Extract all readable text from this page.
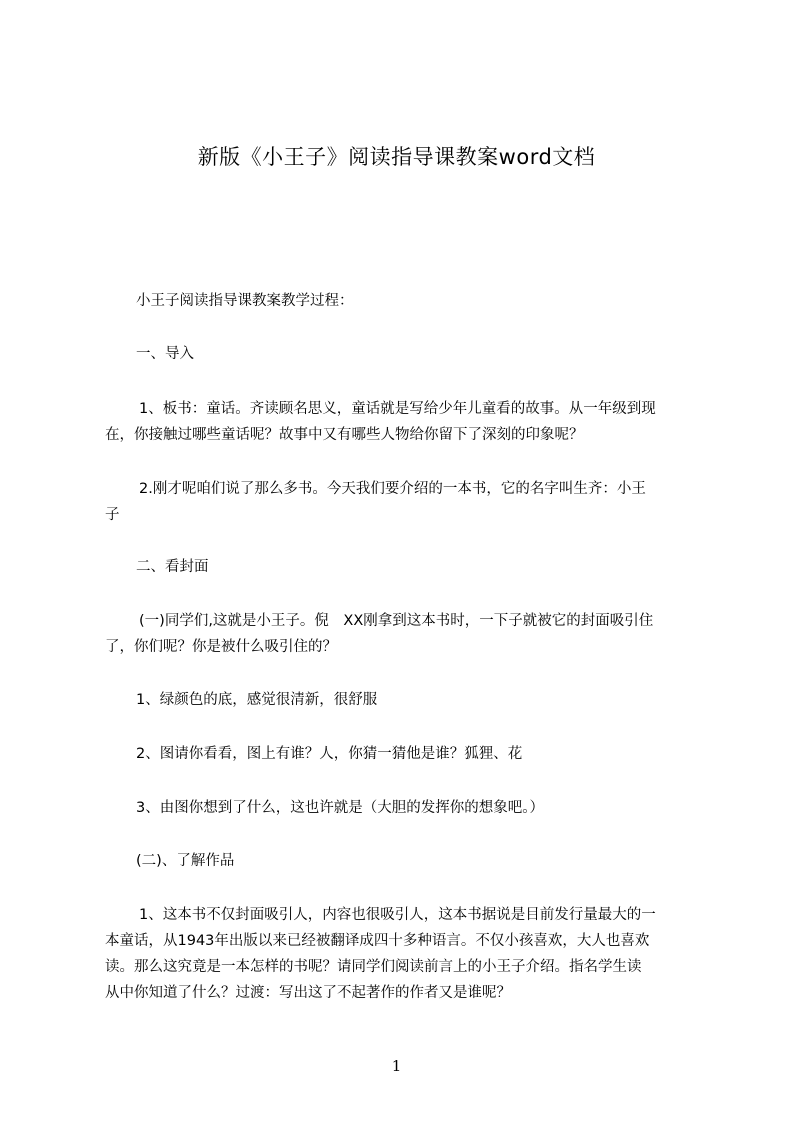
新版《小王子》阅读指导课教案word文档
小王子阅读指导课教案教学过程：
一、导入
1、板书：童话。齐读顾名思义，童话就是写给少年儿童看的故事。从一年级到现
在，你接触过哪些童话呢？故事中又有哪些人物给你留下了深刻的印象呢？
2.刚才呢咱们说了那么多书。今天我们要介绍的一本书，它的名字叫生齐：小王
子
二、看封面
(一)同学们,这就是小王子。倪　XX刚拿到这本书时，一下子就被它的封面吸引住
了，你们呢？你是被什么吸引住的？
1、绿颜色的底，感觉很清新，很舒服
2、图请你看看，图上有谁？人，你猜一猜他是谁？狐狸、花
3、由图你想到了什么，这也许就是（大胆的发挥你的想象吧。）
(二)、了解作品
1、这本书不仅封面吸引人，内容也很吸引人，这本书据说是目前发行量最大的一
本童话，从1943年出版以来已经被翻译成四十多种语言。不仅小孩喜欢，大人也喜欢
读。那么这究竟是一本怎样的书呢？请同学们阅读前言上的小王子介绍。指名学生读
从中你知道了什么？过渡：写出这了不起著作的作者又是谁呢？
1
